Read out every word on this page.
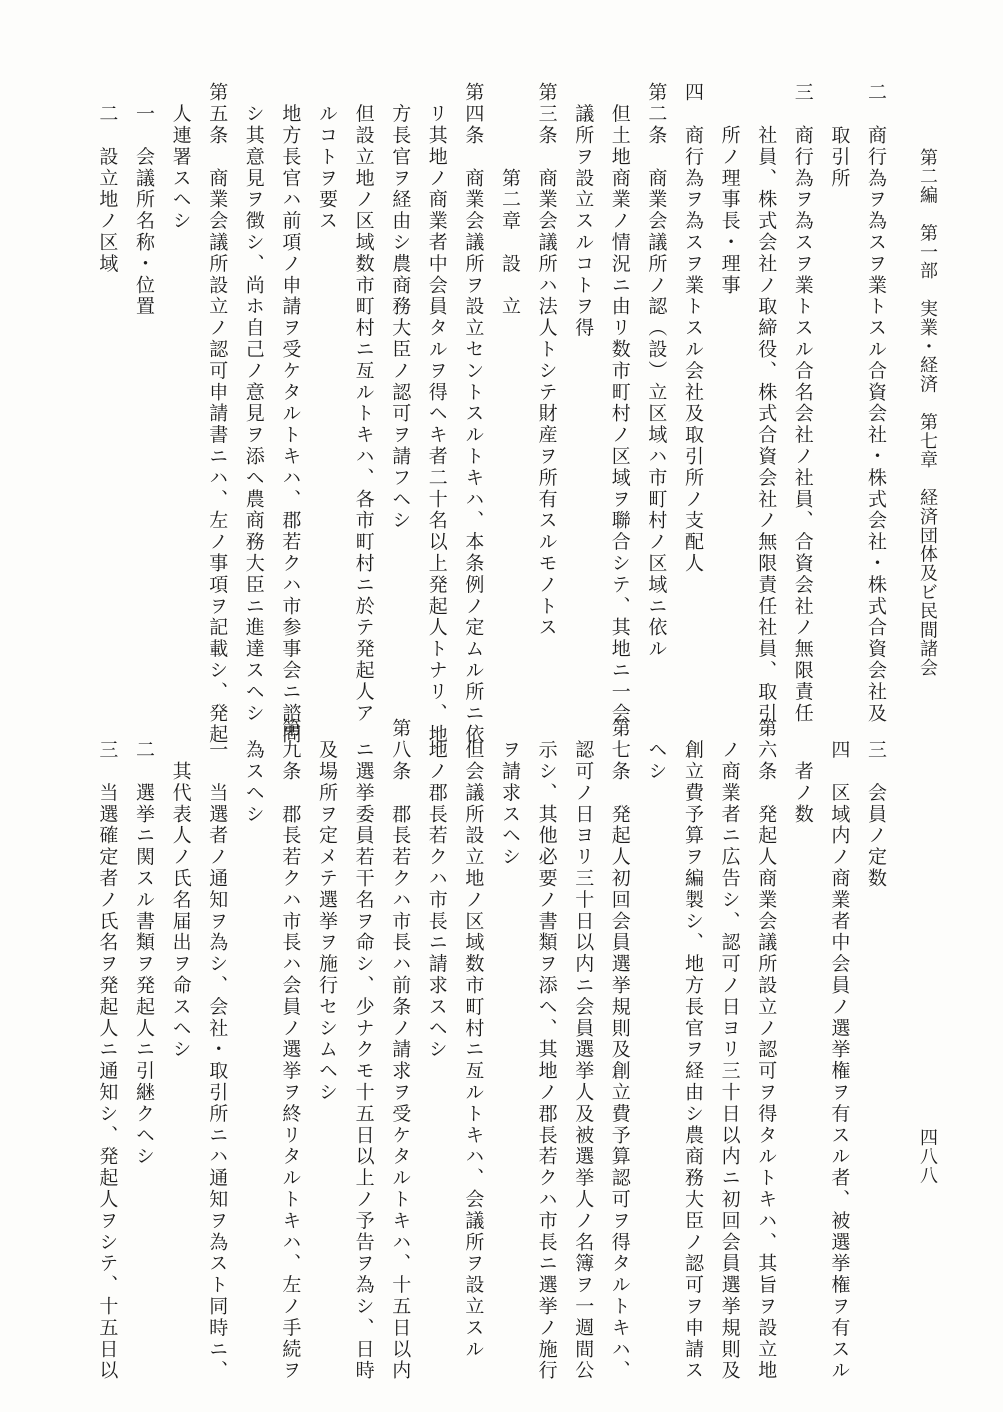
第二編　第一部　実業・経済　第七章　経済団体及ビ民間諸会
四八八
二　商行為ヲ為スヲ業トスル合資会社・株式会社・株式合資会社及
　　取引所
三　商行為ヲ為スヲ業トスル合名会社ノ社員、合資会社ノ無限責任
　　社員、株式会社ノ取締役、株式合資会社ノ無限責任社員、取引
　　所ノ理事長・理事
四　商行為ヲ為スヲ業トスル会社及取引所ノ支配人
第二条　商業会議所ノ認（設）立区域ハ市町村ノ区域ニ依ル
　但土地商業ノ情況ニ由リ数市町村ノ区域ヲ聯合シテ、其地ニ一会
　議所ヲ設立スルコトヲ得
第三条　商業会議所ハ法人トシテ財産ヲ所有スルモノトス
　　　　第二章　設　立
第四条　商業会議所ヲ設立セントスルトキハ、本条例ノ定ムル所ニ依
　リ其地ノ商業者中会員タルヲ得ヘキ者二十名以上発起人トナリ、地
　方長官ヲ経由シ農商務大臣ノ認可ヲ請フヘシ
　但設立地ノ区域数市町村ニ亙ルトキハ、各市町村ニ於テ発起人ア
　ルコトヲ要ス
　地方長官ハ前項ノ申請ヲ受ケタルトキハ、郡若クハ市参事会ニ諮問
　シ其意見ヲ徴シ、尚ホ自己ノ意見ヲ添ヘ農商務大臣ニ進達スヘシ
第五条　商業会議所設立ノ認可申請書ニハ、左ノ事項ヲ記載シ、発起
　人連署スヘシ
　一　会議所名称・位置
　二　設立地ノ区域
　三　会員ノ定数
　四　区域内ノ商業者中会員ノ選挙権ヲ有スル者、被選挙権ヲ有スル
　　者ノ数
第六条　発起人商業会議所設立ノ認可ヲ得タルトキハ、其旨ヲ設立地
　ノ商業者ニ広告シ、認可ノ日ヨリ三十日以内ニ初回会員選挙規則及
　創立費予算ヲ編製シ、地方長官ヲ経由シ農商務大臣ノ認可ヲ申請ス
　ヘシ
第七条　発起人初回会員選挙規則及創立費予算認可ヲ得タルトキハ、
　認可ノ日ヨリ三十日以内ニ会員選挙人及被選挙人ノ名簿ヲ一週間公
　示シ、其他必要ノ書類ヲ添ヘ、其地ノ郡長若クハ市長ニ選挙ノ施行
　ヲ請求スヘシ
　但会議所設立地ノ区域数市町村ニ亙ルトキハ、会議所ヲ設立スル
　地ノ郡長若クハ市長ニ請求スヘシ
第八条　郡長若クハ市長ハ前条ノ請求ヲ受ケタルトキハ、十五日以内
　ニ選挙委員若干名ヲ命シ、少ナクモ十五日以上ノ予告ヲ為シ、日時
　及場所ヲ定メテ選挙ヲ施行セシムヘシ
第九条　郡長若クハ市長ハ会員ノ選挙ヲ終リタルトキハ、左ノ手続ヲ
　為スヘシ
　一　当選者ノ通知ヲ為シ、会社・取引所ニハ通知ヲ為スト同時ニ、
　　其代表人ノ氏名届出ヲ命スヘシ
　二　選挙ニ関スル書類ヲ発起人ニ引継クヘシ
　三　当選確定者ノ氏名ヲ発起人ニ通知シ、発起人ヲシテ、十五日以
